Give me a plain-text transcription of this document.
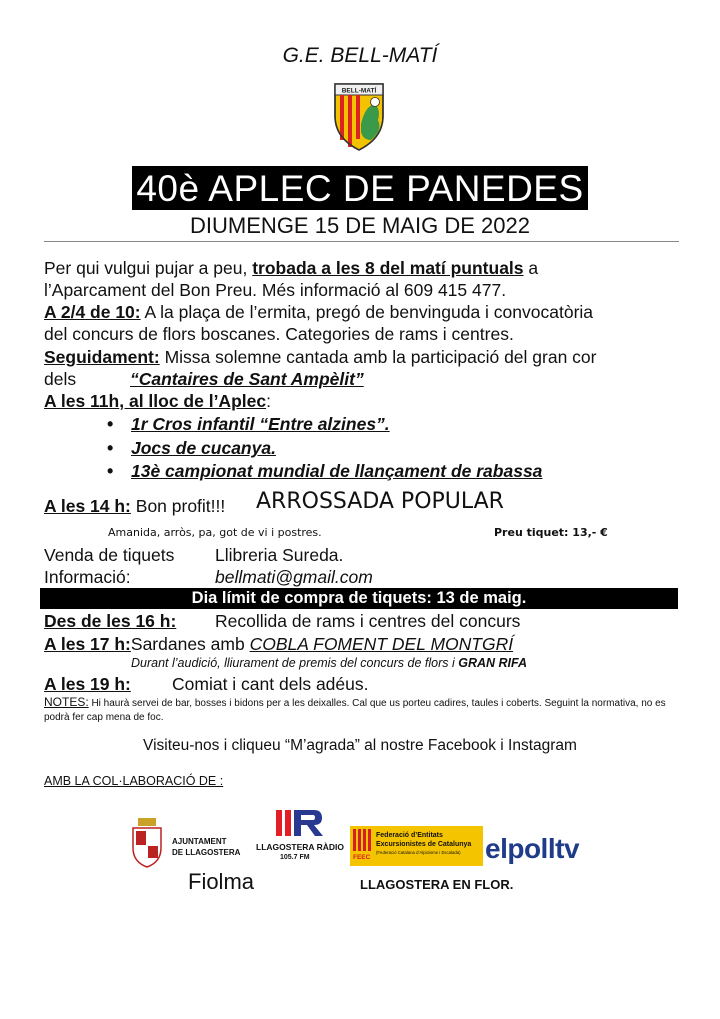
G.E. BELL-MATÍ
BELL-MATÍ
40è APLEC DE PANEDES
DIUMENGE 15 DE MAIG DE 2022
Per qui vulgui pujar a peu, trobada a les 8 del matí puntuals a
l’Aparcament del Bon Preu. Més informació al 609 415 477.
A 2/4 de 10: A la plaça de l’ermita, pregó de benvinguda i convocatòria
del concurs de flors boscanes. Categories de rams i centres.
Seguidament: Missa solemne cantada amb la participació del gran cor
dels	“Cantaires de Sant Ampèlit”
A les 11h, al lloc de l’Aplec:
• 1r Cros infantil “Entre alzines”.
• Jocs de cucanya.
• 13è campionat mundial de llançament de rabassa
A les 14 h: Bon profit!!! ARROSSADA POPULAR
Amanida, arròs, pa, got de vi i postres.	Preu tiquet: 13,- €
Venda de tiquets Llibreria Sureda.
Informació:	bellmati@gmail.com
Dia límit de compra de tiquets: 13 de maig.
Des de les 16 h: Recollida de rams i centres del concurs
A les 17 h:Sardanes amb COBLA FOMENT DEL MONTGRÍ
Durant l’audició, lliurament de premis del concurs de flors i GRAN RIFA
A les 19 h: Comiat i cant dels adéus.
NOTES: Hi haurà servei de bar, bosses i bidons per a les deixalles. Cal que us porteu cadires, taules i coberts. Seguint la normativa, no es podrà fer cap mena de foc.
Visiteu-nos i cliqueu “M’agrada” al nostre Facebook i Instagram
AMB LA COL·LABORACIÓ DE :
AJUNTAMENT
DE LLAGOSTERA
LLAGOSTERA RÀDIO
105.7 FM	FEEC
Federació d’Entitats
Excursionistes de Catalunya
(Federació Catalana d’Alpinisme i Escalada) elpolltv
Fiolma	LLAGOSTERA EN FLOR.
